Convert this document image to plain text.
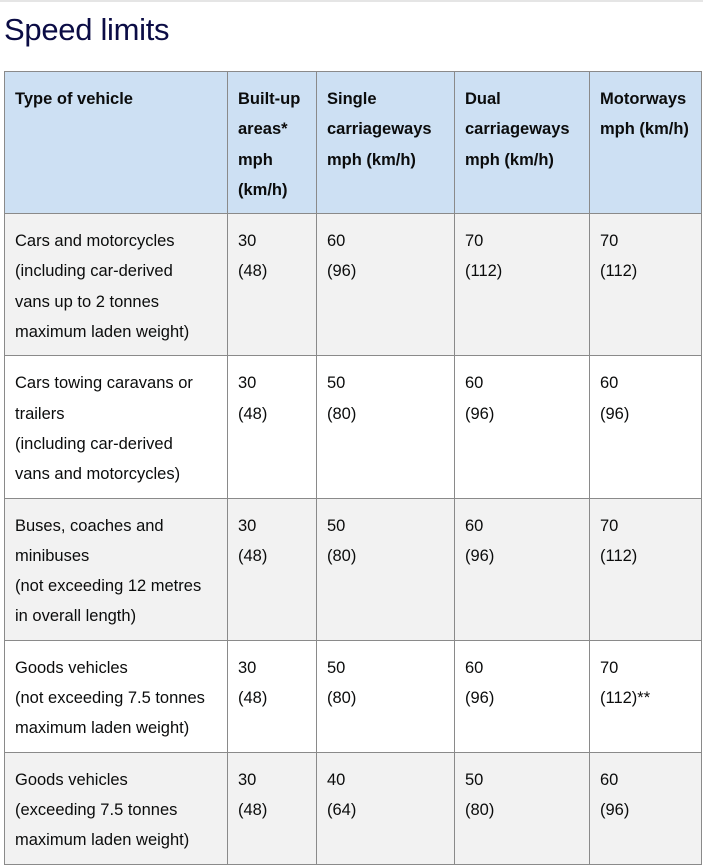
Speed limits
Type of vehicle	Built-up
areas*
mph
(km/h)	Single
carriageways
mph (km/h)	Dual
carriageways
mph (km/h)	Motorways
mph (km/h)

Cars and motorcycles
(including car-derived
vans up to 2 tonnes
maximum laden weight)	30
(48)	60
(96)	70
(112)	70
(112)

Cars towing caravans or
trailers
(including car-derived
vans and motorcycles)	30
(48)	50
(80)	60
(96)	60
(96)

Buses, coaches and
minibuses
(not exceeding 12 metres
in overall length)	30
(48)	50
(80)	60
(96)	70
(112)

Goods vehicles
(not exceeding 7.5 tonnes
maximum laden weight)	30
(48)	50
(80)	60
(96)	70
(112)**

Goods vehicles
(exceeding 7.5 tonnes
maximum laden weight)	30
(48)	40
(64)	50
(80)	60
(96)
